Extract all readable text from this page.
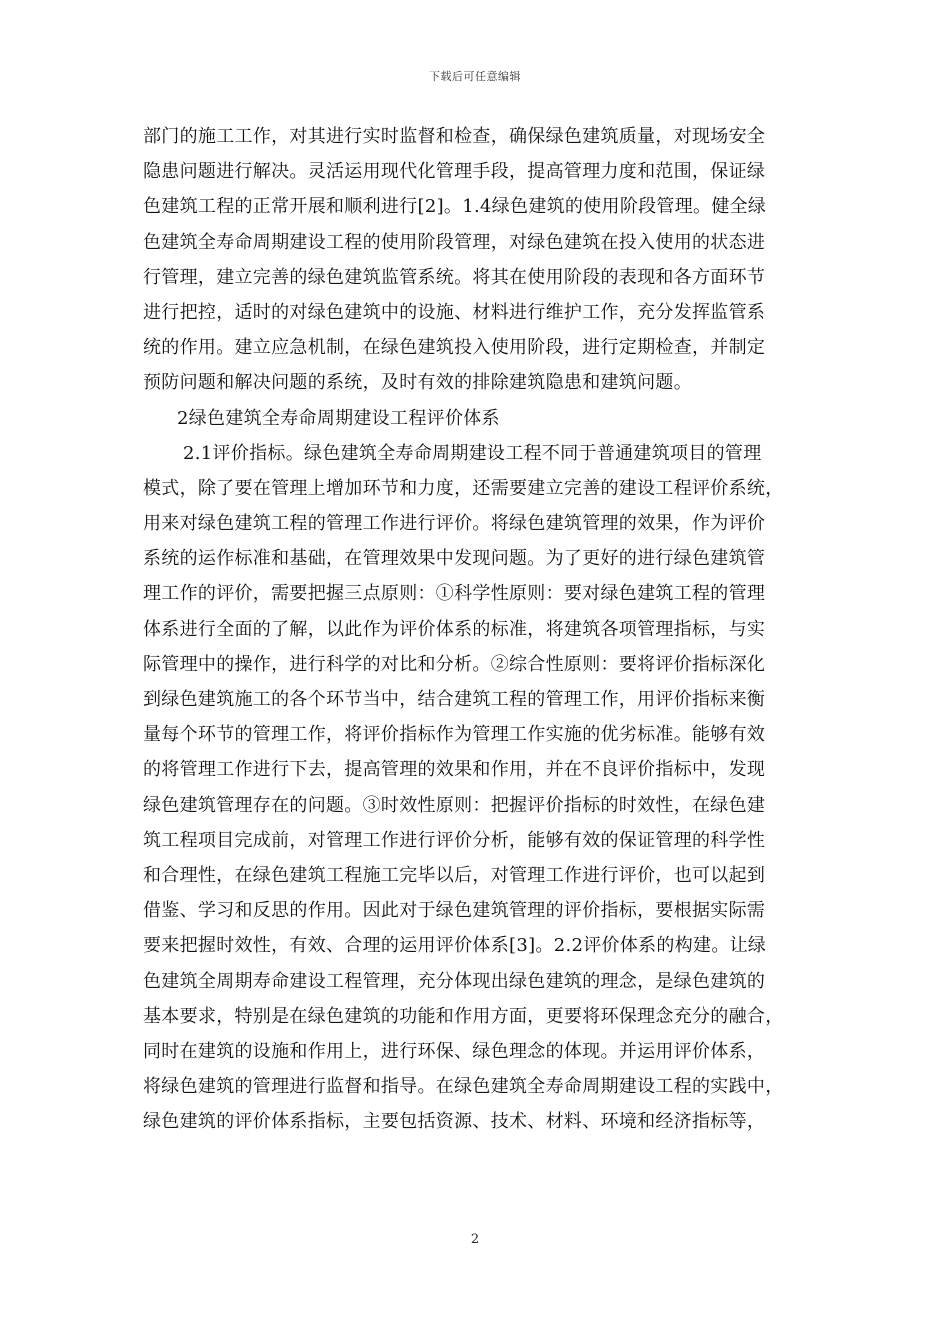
下载后可任意编辑
部门的施工工作，对其进行实时监督和检查，确保绿色建筑质量，对现场安全
隐患问题进行解决。灵活运用现代化管理手段，提高管理力度和范围，保证绿
色建筑工程的正常开展和顺利进行[2]。1.4绿色建筑的使用阶段管理。健全绿
色建筑全寿命周期建设工程的使用阶段管理，对绿色建筑在投入使用的状态进
行管理，建立完善的绿色建筑监管系统。将其在使用阶段的表现和各方面环节
进行把控，适时的对绿色建筑中的设施、材料进行维护工作，充分发挥监管系
统的作用。建立应急机制，在绿色建筑投入使用阶段，进行定期检查，并制定
预防问题和解决问题的系统，及时有效的排除建筑隐患和建筑问题。
2绿色建筑全寿命周期建设工程评价体系
2.1评价指标。绿色建筑全寿命周期建设工程不同于普通建筑项目的管理
模式，除了要在管理上增加环节和力度，还需要建立完善的建设工程评价系统，
用来对绿色建筑工程的管理工作进行评价。将绿色建筑管理的效果，作为评价
系统的运作标准和基础，在管理效果中发现问题。为了更好的进行绿色建筑管
理工作的评价，需要把握三点原则：①科学性原则：要对绿色建筑工程的管理
体系进行全面的了解，以此作为评价体系的标准，将建筑各项管理指标，与实
际管理中的操作，进行科学的对比和分析。②综合性原则：要将评价指标深化
到绿色建筑施工的各个环节当中，结合建筑工程的管理工作，用评价指标来衡
量每个环节的管理工作，将评价指标作为管理工作实施的优劣标准。能够有效
的将管理工作进行下去，提高管理的效果和作用，并在不良评价指标中，发现
绿色建筑管理存在的问题。③时效性原则：把握评价指标的时效性，在绿色建
筑工程项目完成前，对管理工作进行评价分析，能够有效的保证管理的科学性
和合理性，在绿色建筑工程施工完毕以后，对管理工作进行评价，也可以起到
借鉴、学习和反思的作用。因此对于绿色建筑管理的评价指标，要根据实际需
要来把握时效性，有效、合理的运用评价体系[3]。2.2评价体系的构建。让绿
色建筑全周期寿命建设工程管理，充分体现出绿色建筑的理念，是绿色建筑的
基本要求，特别是在绿色建筑的功能和作用方面，更要将环保理念充分的融合，
同时在建筑的设施和作用上，进行环保、绿色理念的体现。并运用评价体系，
将绿色建筑的管理进行监督和指导。在绿色建筑全寿命周期建设工程的实践中，
绿色建筑的评价体系指标，主要包括资源、技术、材料、环境和经济指标等，
2
